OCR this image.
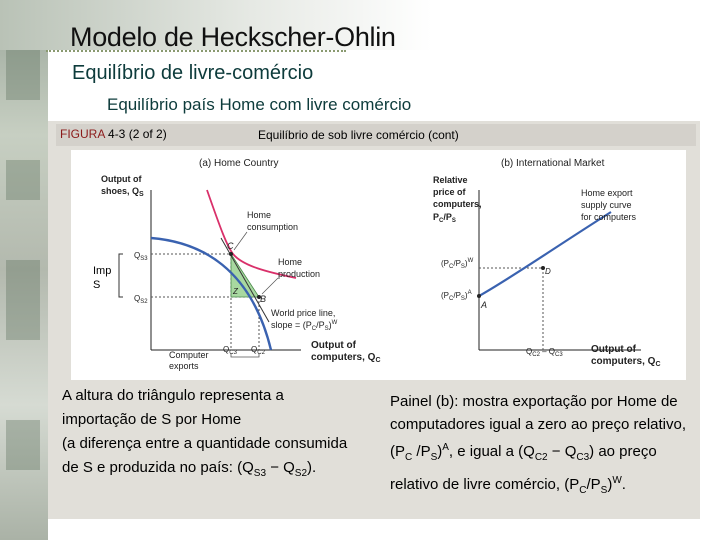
Modelo de Heckscher-Ohlin
Equilíbrio de livre-comércio
Equilíbrio país Home com livre comércio
FIGURA 4-3 (2 of 2)	Equilíbrio de sob livre comércio (cont)
(a) Home Country
Output of
shoes, $Q_S$
C
B
Z
$Q_{S3}$
$Q_{S2}$
$Q_{C3}$ $Q_{C2}$
Computer
exports
Output of
computers, $Q_C$
Home
consumption
Home
production
World price line,
slope = $(P_C/P_S)^W$
(b) International Market
Relative
price of
computers,
$P_C/P_S$
A
D
$(P_C/P_S)^W$
$(P_C/P_S)^A$
$Q_{C2} - Q_{C3}$
Home export
supply curve
for computers
Output of
computers, $Q_C$
Imp
S
A altura do triângulo representa a importação de S por Home
(a diferença entre a quantidade consumida de S e produzida no país: $(Q_{S3} - Q_{S2})$.
Painel (b): mostra exportação por Home de computadores igual a zero ao preço relativo, ($P_C$ $/P_S)^A$, e igual a $(Q_{C2} - Q_{C3})$ ao preço relativo de livre comércio, $(P_C/P_S)^W$.
